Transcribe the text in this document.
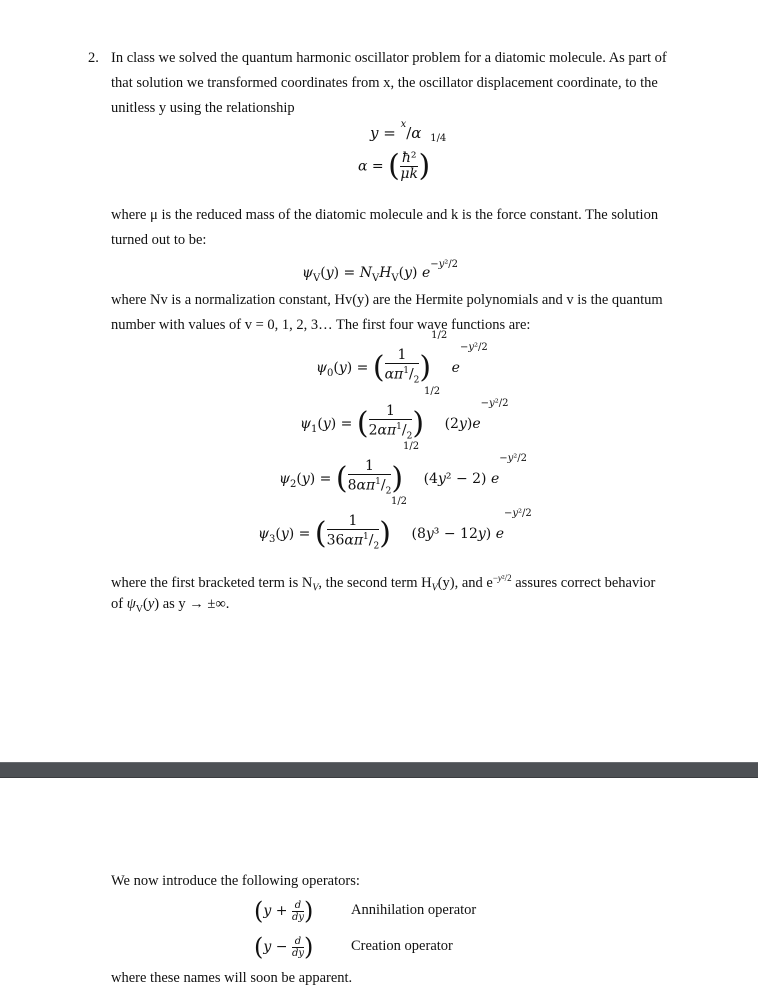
2. In class we solved the quantum harmonic oscillator problem for a diatomic molecule. As part of
that solution we transformed coordinates from x, the oscillator displacement coordinate, to the
unitless y using the relationship
y = $^x$/α
α = ( $\frac{\text{ħ²}}{\mu k} )^{1/4}$
where μ is the reduced mass of the diatomic molecule and k is the force constant. The solution
turned out to be:
$\psi_V(y) = N_VH_V(y)$ $e^{-y^2/2}$
where Nv is a normalization constant, Hv(y) are the Hermite polynomials and v is the quantum
number with values of v = 0, 1, 2, 3… The first four wave functions are:
$\psi_0(y)$ = ( $\frac{1}{\alpha\pi^1/_2} )^{1/2}$ $e^{-y^2/2}$
$\psi_1(y)$ = ( $\frac{1}{2\alpha\pi^1/_2} )^{1/2}$ $(2y)e^{-y^2/2}$
$\psi_2(y)$ = ( $\frac{1}{8\alpha\pi^1/_2} )^{1/2}$ (4y² − 2) $e^{-y^2/2}$
$\psi_3(y)$ = ( $\frac{1}{36\alpha\pi^1/_2} )^{1/2}$ (8y³ − 12y) $e^{-y^2/2}$
where the first bracketed term is $N_V$, the second term $H_V(y)$, and $e^{-y^2/2}$ assures correct behavior
of $\psi_V(y)$ as y → ±∞.
We now introduce the following operators:
($y + \frac{d}{dy}$ )	Annihilation operator
($y - \frac{d}{dy}$ )	Creation operator
where these names will soon be apparent.
